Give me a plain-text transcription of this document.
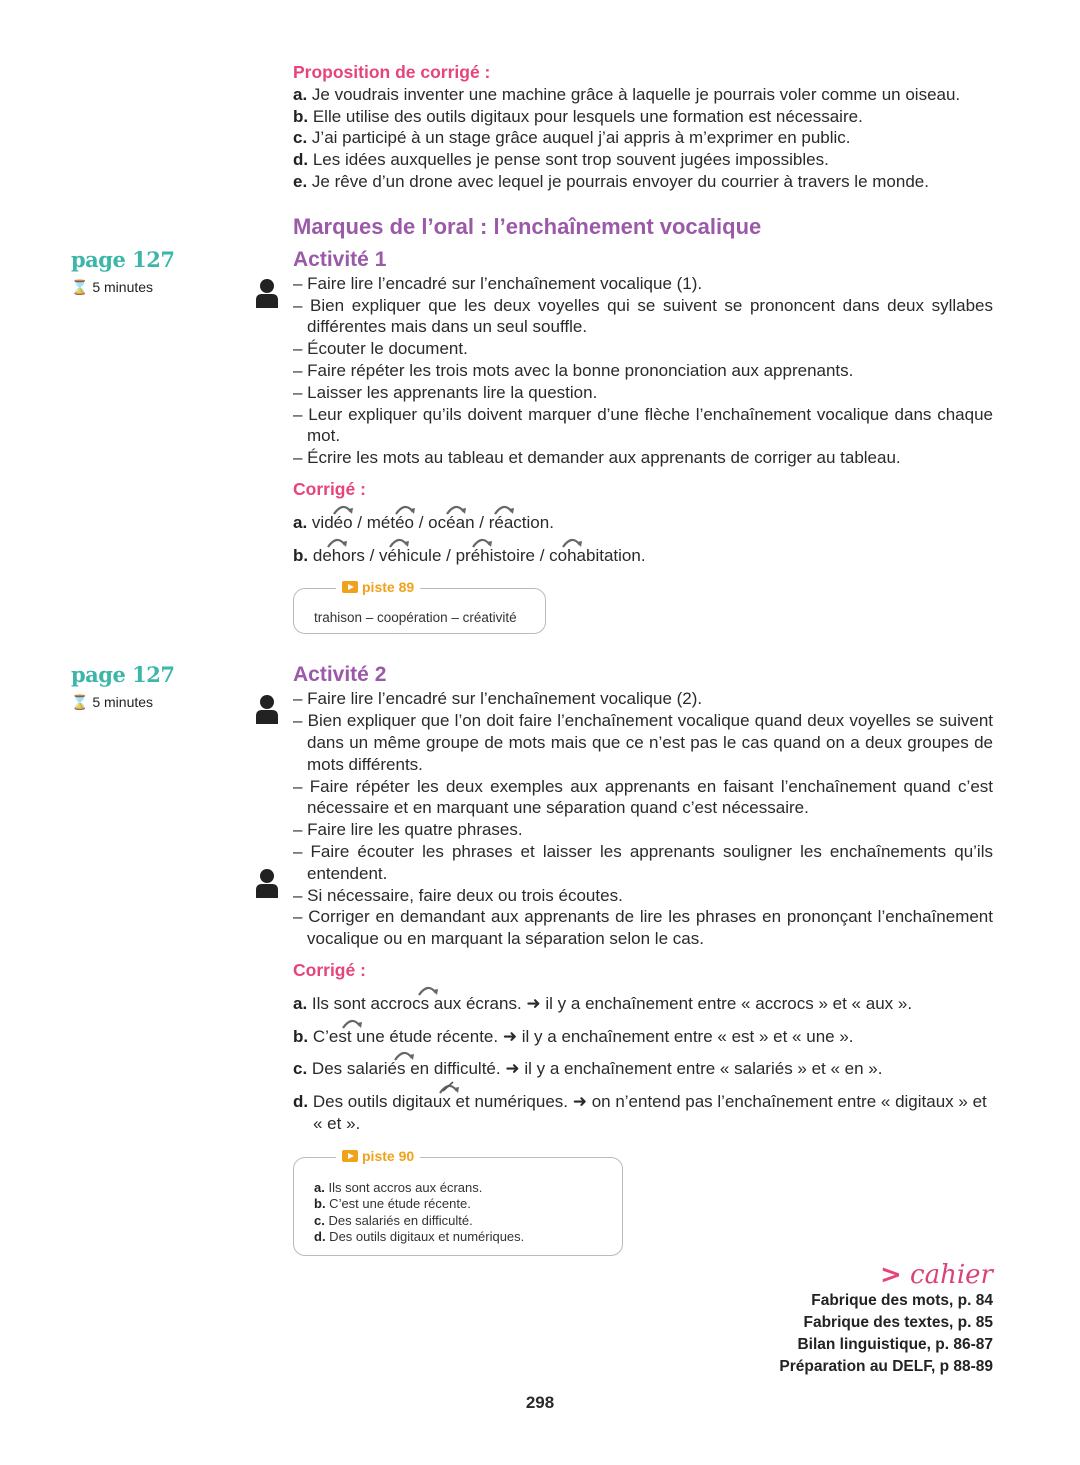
Proposition de corrigé :
a. Je voudrais inventer une machine grâce à laquelle je pourrais voler comme un oiseau.
b. Elle utilise des outils digitaux pour lesquels une formation est nécessaire.
c. J’ai participé à un stage grâce auquel j’ai appris à m’exprimer en public.
d. Les idées auxquelles je pense sont trop souvent jugées impossibles.
e. Je rêve d’un drone avec lequel je pourrais envoyer du courrier à travers le monde.
Marques de l’oral : l’enchaînement vocalique
page 127
⌛ 5 minutes
Activité 1
– Faire lire l’encadré sur l’enchaînement vocalique (1).
– Bien expliquer que les deux voyelles qui se suivent se prononcent dans deux syllabes différentes mais dans un seul souffle.
– Écouter le document.
– Faire répéter les trois mots avec la bonne prononciation aux apprenants.
– Laisser les apprenants lire la question.
– Leur expliquer qu’ils doivent marquer d’une flèche l’enchaînement vocalique dans chaque mot.
– Écrire les mots au tableau et demander aux apprenants de corriger au tableau.
Corrigé :
a. vidéo
/ météo
/ océa
n / réa
ction.
b. deho
rs / véhi
cule / préhi
stoire / coha
bitation.
piste 89
trahison – coopération – créativité
page 127
⌛ 5 minutes
Activité 2
– Faire lire l’encadré sur l’enchaînement vocalique (2).
– Bien expliquer que l’on doit faire l’enchaînement vocalique quand deux voyelles se suivent dans un même groupe de mots mais que ce n’est pas le cas quand on a deux groupes de mots différents.
– Faire répéter les deux exemples aux apprenants en faisant l’enchaînement quand c’est nécessaire et en marquant une séparation quand c’est nécessaire.
– Faire lire les quatre phrases.
– Faire écouter les phrases et laisser les apprenants souligner les enchaînements qu’ils entendent.
– Si nécessaire, faire deux ou trois écoutes.
– Corriger en demandant aux apprenants de lire les phrases en prononçant l’enchaînement vocalique ou en marquant la séparation selon le cas.
Corrigé :
a. Ils sont accrocs a
ux écrans. ➜ il y a enchaînement entre « accrocs » et « aux ».
b. C’est u
ne étude récente. ➜ il y a enchaînement entre « est » et « une ».
c. Des salariés e
n difficulté. ➜ il y a enchaînement entre « salariés » et « en ».
d. Des outils digitaux e
t numériques. ➜ on n’entend pas l’enchaînement entre « digitaux » et « et ».
piste 90
a. Ils sont accros aux écrans.
b. C’est une étude récente.
c. Des salariés en difficulté.
d. Des outils digitaux et numériques.
> cahier
Fabrique des mots, p. 84
Fabrique des textes, p. 85
Bilan linguistique, p. 86-87
Préparation au DELF, p 88-89
298
